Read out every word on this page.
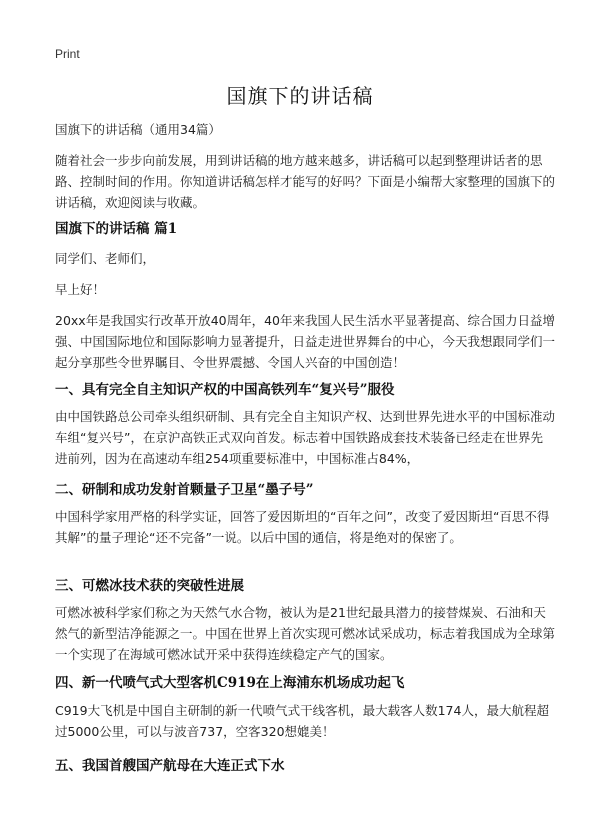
Print
国旗下的讲话稿

国旗下的讲话稿（通用34篇）

随着社会一步步向前发展，用到讲话稿的地方越来越多，讲话稿可以起到整理讲话者的思路、控制时间的作用。你知道讲话稿怎样才能写的好吗？下面是小编帮大家整理的国旗下的讲话稿，欢迎阅读与收藏。

国旗下的讲话稿 篇1

同学们、老师们，

早上好！

20xx年是我国实行改革开放40周年，40年来我国人民生活水平显著提高、综合国力日益增强、中国国际地位和国际影响力显著提升，日益走进世界舞台的中心，今天我想跟同学们一起分享那些令世界瞩目、令世界震撼、令国人兴奋的中国创造！

一、具有完全自主知识产权的中国高铁列车“复兴号”服役

由中国铁路总公司牵头组织研制、具有完全自主知识产权、达到世界先进水平的中国标准动车组“复兴号”，在京沪高铁正式双向首发。标志着中国铁路成套技术装备已经走在世界先进前列，因为在高速动车组254项重要标准中，中国标准占84%，

二、研制和成功发射首颗量子卫星“墨子号”

中国科学家用严格的科学实证，回答了爱因斯坦的“百年之问”，改变了爱因斯坦“百思不得其解”的量子理论“还不完备”一说。以后中国的通信，将是绝对的保密了。

三、可燃冰技术获的突破性进展

可燃冰被科学家们称之为天然气水合物，被认为是21世纪最具潜力的接替煤炭、石油和天然气的新型洁净能源之一。中国在世界上首次实现可燃冰试采成功，标志着我国成为全球第一个实现了在海域可燃冰试开采中获得连续稳定产气的国家。

四、新一代喷气式大型客机C919在上海浦东机场成功起飞

C919大飞机是中国自主研制的新一代喷气式干线客机，最大载客人数174人，最大航程超过5000公里，可以与波音737，空客320想媲美！

五、我国首艘国产航母在大连正式下水
